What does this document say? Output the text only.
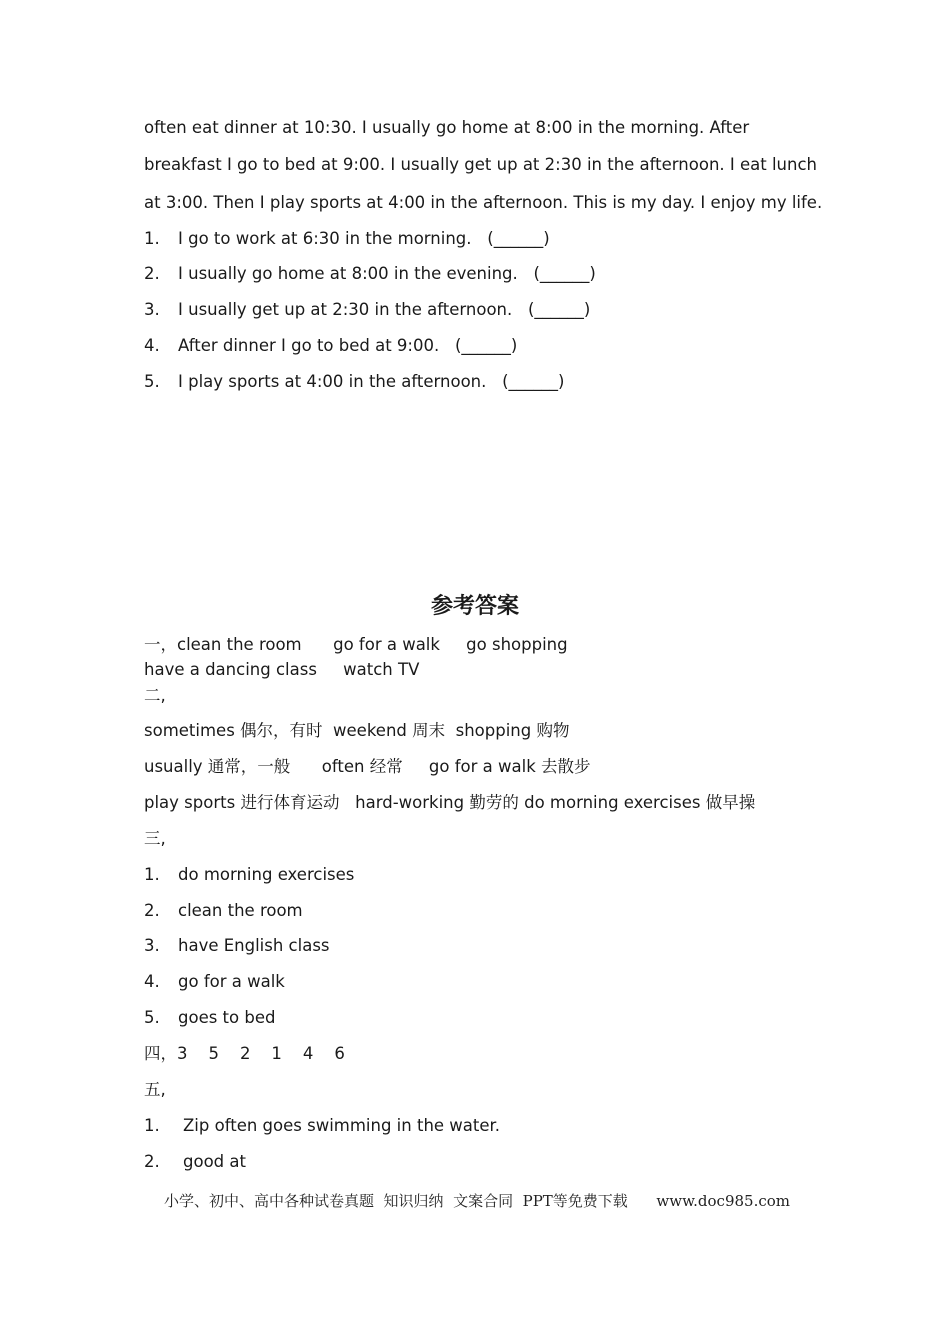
often eat dinner at 10:30. I usually go home at 8:00 in the morning. After
breakfast I go to bed at 9:00. I usually get up at 2:30 in the afternoon. I eat lunch
at 3:00. Then I play sports at 4:00 in the afternoon. This is my day. I enjoy my life.
1. I go to work at 6:30 in the morning.   (______)
2. I usually go home at 8:00 in the evening.   (______)
3. I usually get up at 2:30 in the afternoon.   (______)
4. After dinner I go to bed at 9:00.   (______)
5. I play sports at 4:00 in the afternoon.   (______)
参考答案
一，clean the room      go for a walk     go shopping
have a dancing class     watch TV
二,
sometimes 偶尔，有时  weekend 周末  shopping 购物
usually 通常，一般      often 经常     go for a walk 去散步
play sports 进行体育运动   hard-working 勤劳的 do morning exercises 做早操
三,
1. do morning exercises
2. clean the room
3. have English class
4. go for a walk
5. goes to bed
四，3    5    2    1    4    6
五,
1. Zip often goes swimming in the water.
2. good at
小学、初中、高中各种试卷真题  知识归纳  文案合同  PPT等免费下载      www.doc985.com
